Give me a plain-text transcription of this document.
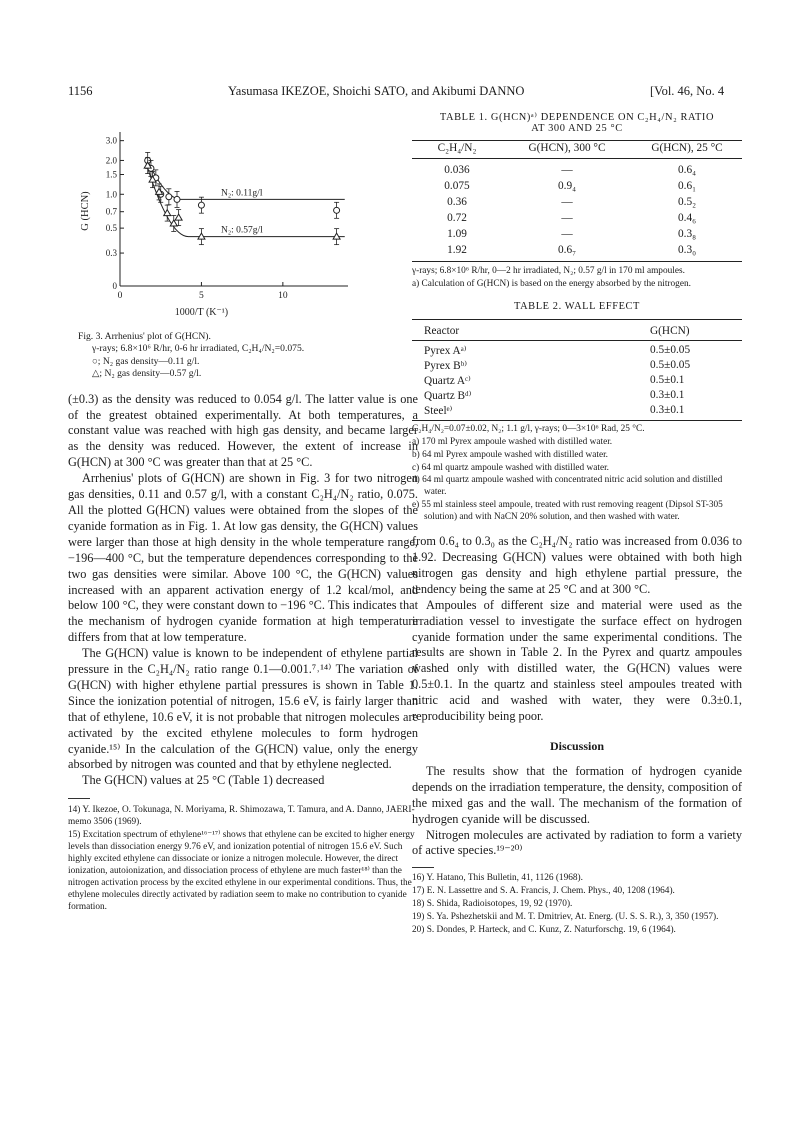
1156	Yasumasa IKEZOE, Shoichi SATO, and Akibumi DANNO	[Vol. 46, No. 4
3.0
2.0
1.5
1.0
0.7
0.5
0.3
0
0	5	10
G (HCN)
1000/T (K⁻¹)
N₂: 0.11g/l
N₂: 0.57g/l

Fig. 3. Arrhenius' plot of G(HCN).

γ-rays; 6.8×10⁶ R/hr, 0-6 hr irradiated, C₂H₄/N₂=0.075.

○; N₂ gas density—0.11 g/l.

△; N₂ gas density—0.57 g/l.

(±0.3) as the density was reduced to 0.054 g/l. The latter value is one of the greatest obtained experimentally. At both temperatures, a constant value was reached with high gas density, and became larger as the density was reduced. However, the extent of increase in G(HCN) at 300 °C was greater than that at 25 °C.

Arrhenius' plots of G(HCN) are shown in Fig. 3 for two nitrogen gas densities, 0.11 and 0.57 g/l, with a constant C₂H₄/N₂ ratio, 0.075. All the plotted G(HCN) values were obtained from the slopes of the cyanide formation as in Fig. 1. At low gas density, the G(HCN) values were larger than those at high density in the whole temperature range, −196—400 °C, but the temperature dependences corresponding to the two gas densities were similar. Above 100 °C, the G(HCN) values increased with an apparent activation energy of 1.2 kcal/mol, and below 100 °C, they were constant down to −196 °C. This indicates that the mechanism of hydrogen cyanide formation at high temperature differs from that at low temperature.

The G(HCN) value is known to be independent of ethylene partial pressure in the C₂H₄/N₂ ratio range 0.1—0.001.⁷˒¹⁴⁾ The variation of G(HCN) with higher ethylene partial pressures is shown in Table 1. Since the ionization potential of nitrogen, 15.6 eV, is fairly larger than that of ethylene, 10.6 eV, it is not probable that nitrogen molecules are activated by the excited ethylene molecules to form hydrogen cyanide.¹⁵⁾ In the calculation of the G(HCN) value, only the energy absorbed by nitrogen was counted and that by ethylene neglected.

The G(HCN) values at 25 °C (Table 1) decreased

14) Y. Ikezoe, O. Tokunaga, N. Moriyama, R. Shimozawa, T. Tamura, and A. Danno, JAERI-memo 3506 (1969).

15) Excitation spectrum of ethylene¹⁶⁻¹⁷⁾ shows that ethylene can be excited to higher energy levels than dissociation energy 9.76 eV, and ionization potential of nitrogen 15.6 eV. Such highly excited ethylene can dissociate or ionize a nitrogen molecule. However, the direct ionization, autoionization, and dissociation process of ethylene are much faster¹⁸⁾ than the nitrogen activation process by the excited ethylene in our experimental conditions. Thus, the ethylene molecules directly activated by radiation seem to make no contribution to cyanide formation.

TABLE 1. G(HCN)ᵃ⁾ DEPENDENCE ON C₂H₄/N₂ RATIO
AT 300 AND 25 °C
C₂H₄/N₂	G(HCN), 300 °C	G(HCN), 25 °C
0.036	—	0.6₄
0.075	0.9₄	0.6₁
0.36	—	0.5₂
0.72	—	0.4₆
1.09	—	0.3₈
1.92	0.6₇	0.3₀

γ-rays; 6.8×10⁶ R/hr, 0—2 hr irradiated, N₂; 0.57 g/l in 170 ml ampoules.

a) Calculation of G(HCN) is based on the energy absorbed by the nitrogen.

TABLE 2. WALL EFFECT
Reactor	G(HCN)
Pyrex Aᵃ⁾	0.5±0.05
Pyrex Bᵇ⁾	0.5±0.05
Quartz Aᶜ⁾	0.5±0.1
Quartz Bᵈ⁾	0.3±0.1
Steelᵉ⁾	0.3±0.1

C₂H₄/N₂=0.07±0.02, N₂; 1.1 g/l, γ-rays; 0—3×10⁶ Rad, 25 °C.

a) 170 ml Pyrex ampoule washed with distilled water.

b) 64 ml Pyrex ampoule washed with distilled water.

c) 64 ml quartz ampoule washed with distilled water.

d) 64 ml quartz ampoule washed with concentrated nitric acid solution and distilled water.

e) 55 ml stainless steel ampoule, treated with rust removing reagent (Dipsol ST-305 solution) and with NaCN 20% solution, and then washed with water.

from 0.6₄ to 0.3₀ as the C₂H₄/N₂ ratio was increased from 0.036 to 1.92. Decreasing G(HCN) values were obtained with both high nitrogen gas density and high ethylene partial pressure, the tendency being the same at 25 °C and at 300 °C.

Ampoules of different size and material were used as the irradiation vessel to investigate the surface effect on hydrogen cyanide formation under the same experimental conditions. The results are shown in Table 2. In the Pyrex and quartz ampoules washed only with distilled water, the G(HCN) values were 0.5±0.1. In the quartz and stainless steel ampoules treated with nitric acid and washed with water, they were 0.3±0.1, reproducibility being poor.

Discussion

The results show that the formation of hydrogen cyanide depends on the irradiation temperature, the density, composition of the mixed gas and the wall. The mechanism of the formation of hydrogen cyanide will be discussed.

Nitrogen molecules are activated by radiation to form a variety of active species.¹⁹⁻²⁰⁾

16) Y. Hatano, This Bulletin, 41, 1126 (1968).

17) E. N. Lassettre and S. A. Francis, J. Chem. Phys., 40, 1208 (1964).

18) S. Shida, Radioisotopes, 19, 92 (1970).

19) S. Ya. Pshezhetskii and M. T. Dmitriev, At. Energ. (U. S. S. R.), 3, 350 (1957).

20) S. Dondes, P. Harteck, and C. Kunz, Z. Naturforschg. 19, 6 (1964).
